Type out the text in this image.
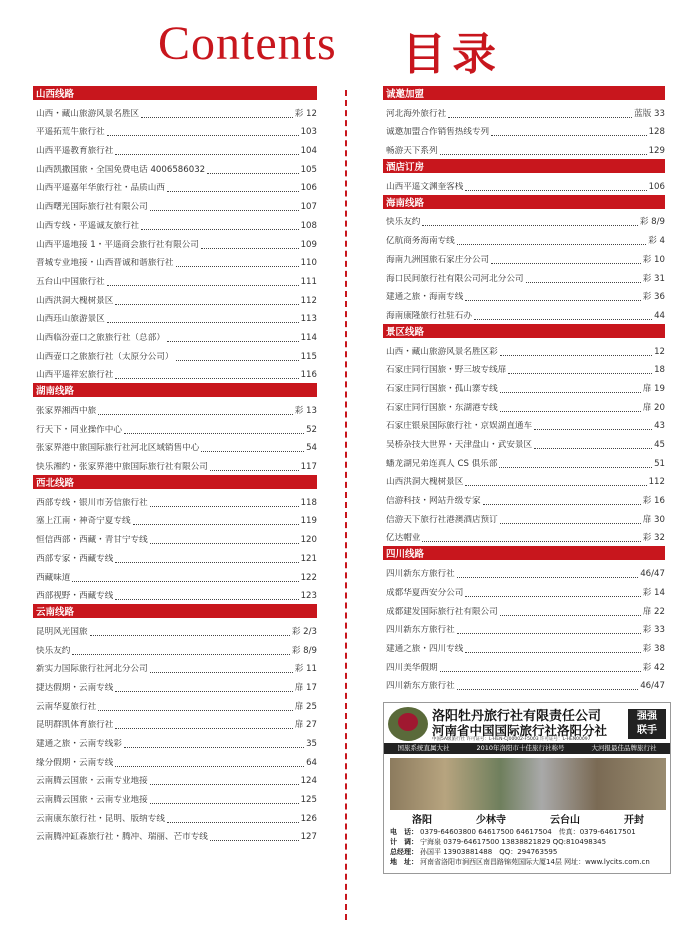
Contents 目录
山西线路
山西・藏山旅游风景名胜区	彩 12
平遥拓荒牛旅行社	103
山西平遥教育旅行社	104
山西凯撒国旅・全国免费电话 4006586032	105
山西平遥嘉年华旅行社・品质山西	106
山西曙光国际旅行社有限公司	107
山西专线・平遥诚友旅行社	108
山西平遥地接 1・平遥商会旅行社有限公司	109
晋城专业地接・山西晋诚和谐旅行社	110
五台山中国旅行社	111
山西洪洞大槐树景区	112
山西珏山旅游景区	113
山西临汾壶口之旅旅行社（总部）	114
山西壶口之旅旅行社（太原分公司）	115
山西平遥祥宏旅行社	116
湖南线路
张家界湘西中旅	彩 13
行天下・同业操作中心	52
张家界港中旅国际旅行社河北区域销售中心	54
快乐湘约・张家界港中旅国际旅行社有限公司	117
西北线路
西部专线・银川市芳信旅行社	118
塞上江南・神奇宁夏专线	119
恒信西部・西藏・青甘宁专线	120
西部专家・西藏专线	121
西藏味道	122
西部视野・西藏专线	123
云南线路
昆明风光国旅	彩 2/3
快乐友约	彩 8/9
新实力国际旅行社河北分公司	彩 11
捷达假期・云南专线	扉 17
云南华夏旅行社	扉 25
昆明群凯体育旅行社	扉 27
建通之旅・云南专线彩	35
缘分假期・云南专线	64
云南腾云国旅・云南专业地接	124
云南腾云国旅・云南专业地接	125
云南康东旅行社・昆明、版纳专线	126
云南腾冲缸森旅行社・腾冲、瑞丽、芒市专线	127
诚邀加盟
河北海外旅行社	蓝版 33
诚邀加盟合作销售热线专列	128
畅游天下系列	129
酒店订房
山西平遥文渊奎客栈	106
海南线路
快乐友约	彩 8/9
亿航商务海南专线	彩 4
海南九洲国旅石家庄分公司	彩 10
海口民间旅行社有限公司河北分公司	彩 31
建通之旅・海南专线	彩 36
海南康隆旅行社驻石办	44
景区线路
山西・藏山旅游风景名胜区彩	12
石家庄同行国旅・野三坡专线扉	18
石家庄同行国旅・孤山寨专线	扉 19
石家庄同行国旅・东湖港专线	扉 20
石家庄银泉国际旅行社・京娱湖直通车	43
吴桥杂技大世界・天津盘山・武安景区	45
蟠龙湖兄弟连真人 CS 俱乐部	51
山西洪洞大槐树景区	112
信游科技・网站升级专家	彩 16
信游天下旅行社港澳酒店预订	扉 30
亿达帽业	彩 32
四川线路
四川新东方旅行社	46/47
成都华夏西安分公司	彩 14
成都建发国际旅行社有限公司	扉 22
四川新东方旅行社	彩 33
建通之旅・四川专线	彩 38
四川美华假期	彩 42
四川新东方旅行社	46/47
洛阳牡丹旅行社有限责任公司
河南省中国国际旅行社洛阳分社
中国5A级旅行社 许可证号：L-HEN-CJ00002-F5003 许可证号：L-HEN00097
强强
联手
国旅系统直属大社	2010年洛阳市十佳旅行社称号	大河报最佳品牌旅行社
洛阳	少林寺	云台山	开封
电　话： 0379-64603800 64617500 64617504　 传真：0379-64617501
计　调： 宁海泉 0379-64617500 13838821829 QQ:810498345
总经理： 孙国平 13903881488　QQ：294763595
地　址： 河南省洛阳市涧西区南昌路锦苑国际大厦14层 网址：www.lycits.com.cn
